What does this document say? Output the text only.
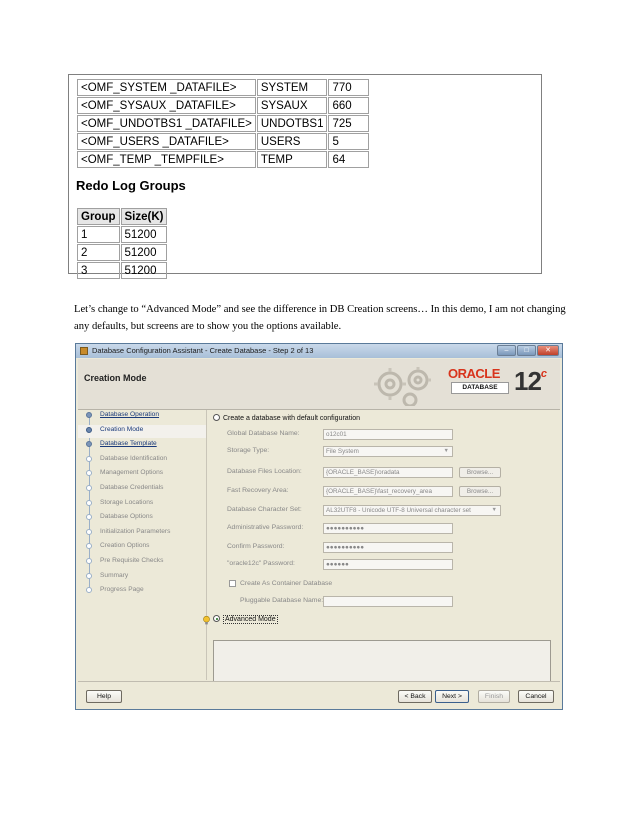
<OMF_SYSTEM _DATAFILE>	SYSTEM	770
<OMF_SYSAUX _DATAFILE>	SYSAUX	660
<OMF_UNDOTBS1 _DATAFILE>	UNDOTBS1	725
<OMF_USERS _DATAFILE>	USERS	5
<OMF_TEMP _TEMPFILE>	TEMP	64
Redo Log Groups
Group	Size(K)
1	51200
2	51200
3	51200
Let’s change to “Advanced Mode” and see the difference in DB Creation screens… In this demo, I am not changing any defaults, but screens are to show you the options available.
Database Configuration Assistant - Create Database - Step 2 of 13	–	□	✕
Creation Mode	ORACLE
DATABASE 12$^c$
Database Operation
Creation Mode
Database Template
Database Identification
Management Options
Database Credentials
Storage Locations
Database Options
Initialization Parameters
Creation Options
Pre Requisite Checks
Summary
Progress Page
Create a database with default configuration
Global Database Name:	o12c01
Storage Type:	File System	▼
Database Files Location:	{ORACLE_BASE}\oradata	Browse...
Fast Recovery Area:	{ORACLE_BASE}\fast_recovery_area	Browse...
Database Character Set:	AL32UTF8 - Unicode UTF-8 Universal character set	▼
Administrative Password:	●●●●●●●●●●
Confirm Password:	●●●●●●●●●●
"oracle12c" Password:	●●●●●●
Create As Container Database
Pluggable Database Name:
Advanced Mode
Help	< Back	Next >	Finish	Cancel
